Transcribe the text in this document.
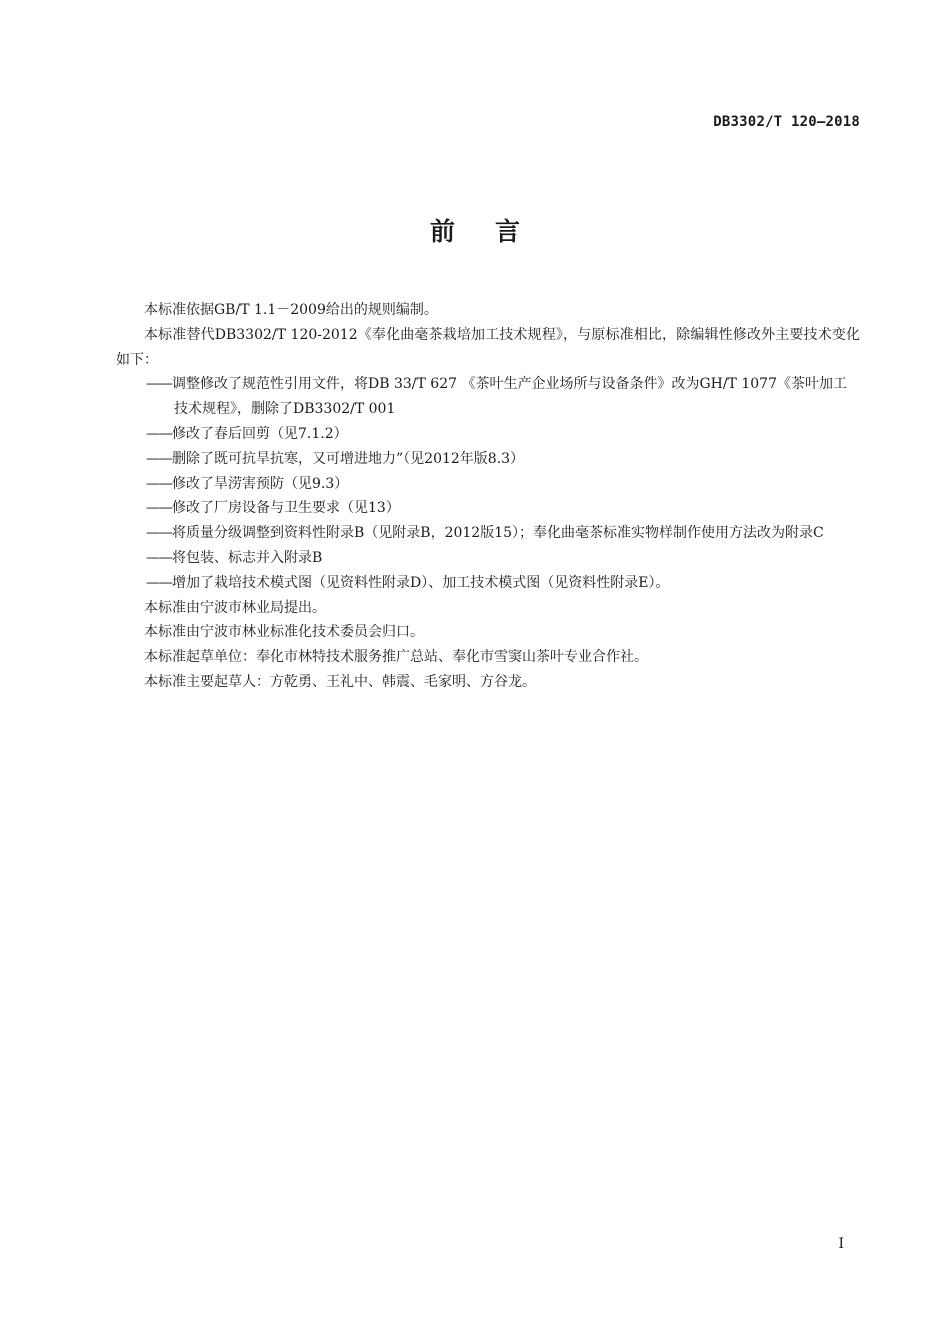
DB3302/T 120—2018
前言

本标准依据GB/T 1.1－2009给出的规则编制。

本标准替代DB3302/T 120-2012《奉化曲毫茶栽培加工技术规程》，与原标准相比，除编辑性修改外主要技术变化如下：

——调整修改了规范性引用文件，将DB 33/T 627 《茶叶生产企业场所与设备条件》改为GH/T 1077《茶叶加工技术规程》，删除了DB3302/T 001
——修改了春后回剪（见7.1.2）
——删除了既可抗旱抗寒，又可增进地力”（见2012年版8.3）
——修改了旱涝害预防（见9.3）
——修改了厂房设备与卫生要求（见13）
——将质量分级调整到资料性附录B（见附录B，2012版15）；奉化曲毫茶标准实物样制作使用方法改为附录C
——将包装、标志并入附录B
——增加了栽培技术模式图（见资料性附录D）、加工技术模式图（见资料性附录E）。

本标准由宁波市林业局提出。

本标准由宁波市林业标准化技术委员会归口。

本标准起草单位：奉化市林特技术服务推广总站、奉化市雪窦山茶叶专业合作社。

本标准主要起草人：方乾勇、王礼中、韩震、毛家明、方谷龙。

I
